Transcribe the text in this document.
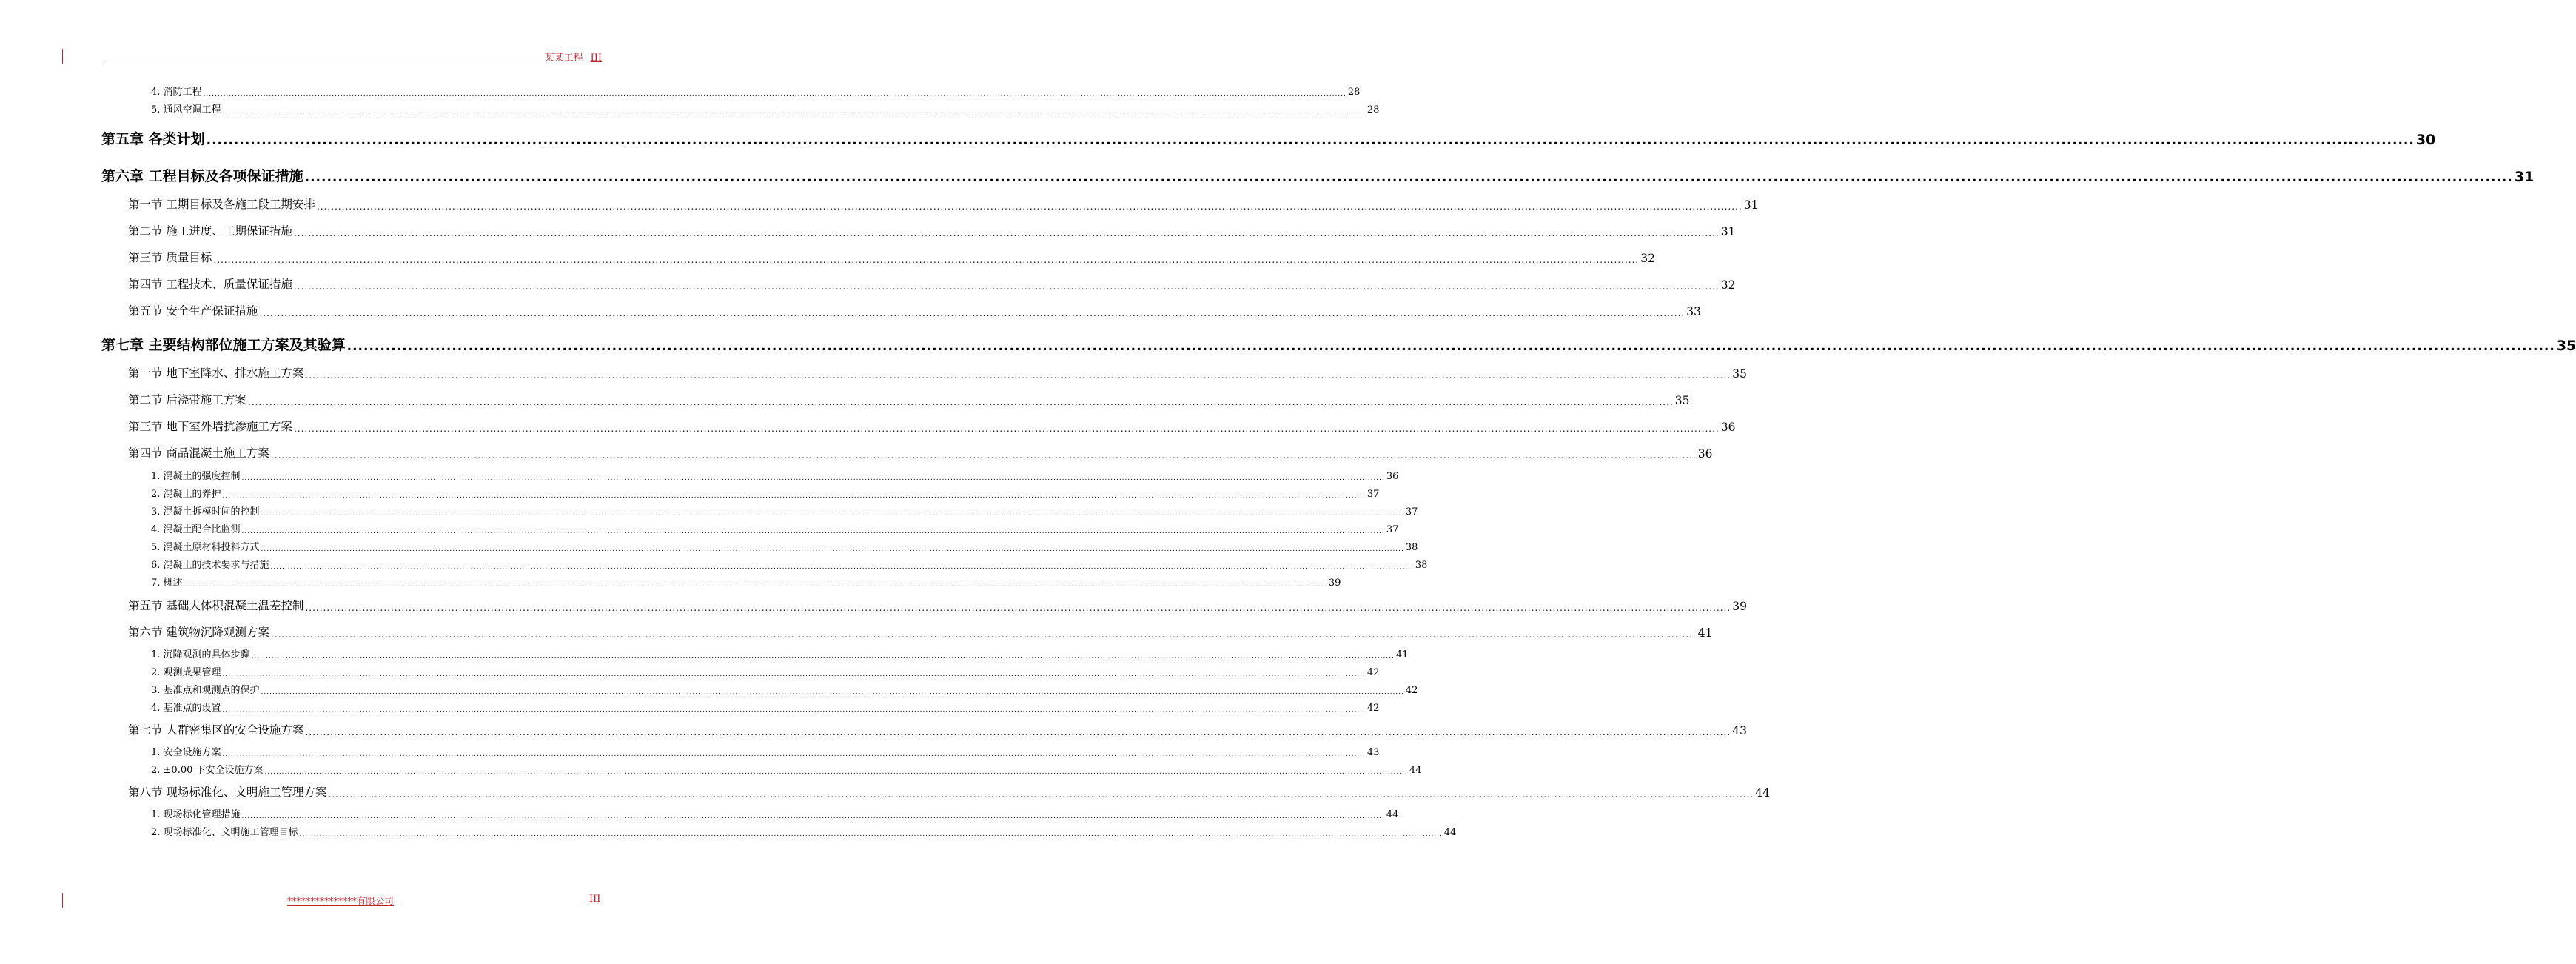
某某工程 III
4. 消防工程 ................................................................................................................................................................................................................................................................................................................................................................................................................ 28
5. 通风空调工程 ................................................................................................................................................................................................................................................................................................................................................................................................................ 28
第五章 各类计划 ................................................................................................................................................................................................................................................................................................................................................................................................................ 30
第六章 工程目标及各项保证措施 ................................................................................................................................................................................................................................................................................................................................................................................................................ 31
第一节 工期目标及各施工段工期安排 ................................................................................................................................................................................................................................................................................................................................................................................................................ 31
第二节 施工进度、工期保证措施 ................................................................................................................................................................................................................................................................................................................................................................................................................ 31
第三节 质量目标 ................................................................................................................................................................................................................................................................................................................................................................................................................ 32
第四节 工程技术、质量保证措施 ................................................................................................................................................................................................................................................................................................................................................................................................................ 32
第五节 安全生产保证措施 ................................................................................................................................................................................................................................................................................................................................................................................................................ 33
第七章 主要结构部位施工方案及其验算 ................................................................................................................................................................................................................................................................................................................................................................................................................ 35
第一节 地下室降水、排水施工方案 ................................................................................................................................................................................................................................................................................................................................................................................................................ 35
第二节 后浇带施工方案 ................................................................................................................................................................................................................................................................................................................................................................................................................ 35
第三节 地下室外墙抗渗施工方案 ................................................................................................................................................................................................................................................................................................................................................................................................................ 36
第四节 商品混凝土施工方案 ................................................................................................................................................................................................................................................................................................................................................................................................................ 36
1. 混凝土的强度控制 ................................................................................................................................................................................................................................................................................................................................................................................................................ 36
2. 混凝土的养护 ................................................................................................................................................................................................................................................................................................................................................................................................................ 37
3. 混凝土拆模时间的控制 ................................................................................................................................................................................................................................................................................................................................................................................................................ 37
4. 混凝土配合比监测 ................................................................................................................................................................................................................................................................................................................................................................................................................ 37
5. 混凝土原材料投料方式 ................................................................................................................................................................................................................................................................................................................................................................................................................ 38
6. 混凝土的技术要求与措施 ................................................................................................................................................................................................................................................................................................................................................................................................................ 38
7. 概述 ................................................................................................................................................................................................................................................................................................................................................................................................................ 39
第五节 基础大体积混凝土温差控制 ................................................................................................................................................................................................................................................................................................................................................................................................................ 39
第六节 建筑物沉降观测方案 ................................................................................................................................................................................................................................................................................................................................................................................................................ 41
1. 沉降观测的具体步骤 ................................................................................................................................................................................................................................................................................................................................................................................................................ 41
2. 观测成果管理 ................................................................................................................................................................................................................................................................................................................................................................................................................ 42
3. 基准点和观测点的保护 ................................................................................................................................................................................................................................................................................................................................................................................................................ 42
4. 基准点的设置 ................................................................................................................................................................................................................................................................................................................................................................................................................ 42
第七节 人群密集区的安全设施方案 ................................................................................................................................................................................................................................................................................................................................................................................................................ 43
1. 安全设施方案 ................................................................................................................................................................................................................................................................................................................................................................................................................ 43
2. ±0.00 下安全设施方案 ................................................................................................................................................................................................................................................................................................................................................................................................................ 44
第八节 现场标准化、文明施工管理方案 ................................................................................................................................................................................................................................................................................................................................................................................................................ 44
1. 现场标化管理措施 ................................................................................................................................................................................................................................................................................................................................................................................................................ 44
2. 现场标准化、文明施工管理目标 ................................................................................................................................................................................................................................................................................................................................................................................................................ 44
***************有限公司	III
